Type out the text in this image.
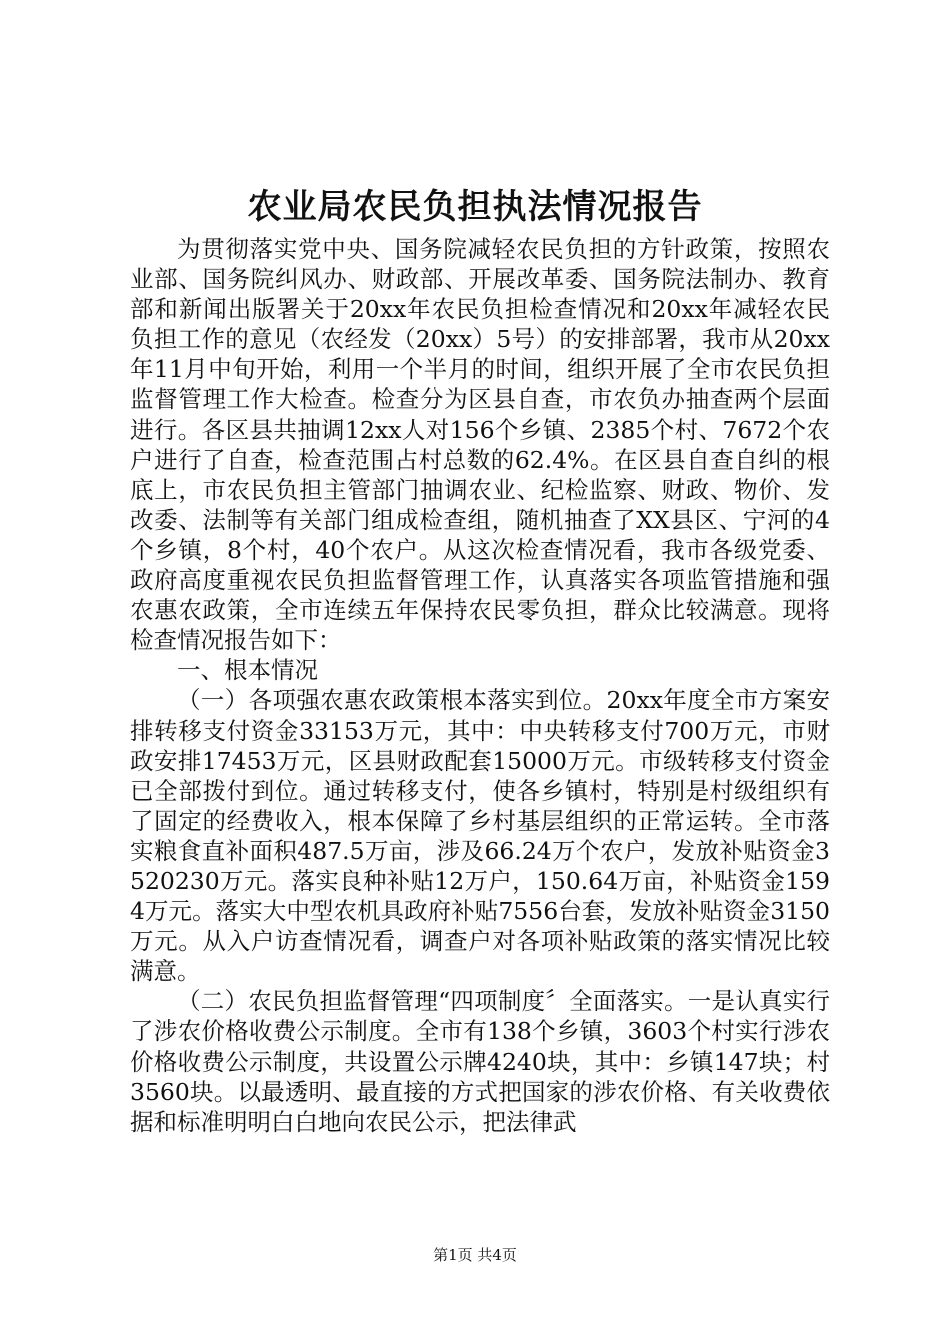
农业局农民负担执法情况报告

为贯彻落实党中央、国务院减轻农民负担的方针政策，按照农业部、国务院纠风办、财政部、开展改革委、国务院法制办、教育部和新闻出版署关于20xx年农民负担检查情况和20xx年减轻农民负担工作的意见（农经发（20xx）5号）的安排部署，我市从20xx年11月中旬开始，利用一个半月的时间，组织开展了全市农民负担监督管理工作大检查。检查分为区县自查，市农负办抽查两个层面进行。各区县共抽调12xx人对156个乡镇、2385个村、7672个农户进行了自查，检查范围占村总数的62.4%。在区县自查自纠的根底上，市农民负担主管部门抽调农业、纪检监察、财政、物价、发改委、法制等有关部门组成检查组，随机抽查了XX县区、宁河的4个乡镇，8个村，40个农户。从这次检查情况看，我市各级党委、政府高度重视农民负担监督管理工作，认真落实各项监管措施和强农惠农政策，全市连续五年保持农民零负担，群众比较满意。现将检查情况报告如下：

一、根本情况

（一）各项强农惠农政策根本落实到位。20xx年度全市方案安排转移支付资金33153万元，其中：中央转移支付700万元，市财政安排17453万元，区县财政配套15000万元。市级转移支付资金已全部拨付到位。通过转移支付，使各乡镇村，特别是村级组织有了固定的经费收入，根本保障了乡村基层组织的正常运转。全市落实粮食直补面积487.5万亩，涉及66.24万个农户，发放补贴资金3520230万元。落实良种补贴12万户，150.64万亩，补贴资金1594万元。落实大中型农机具政府补贴7556台套，发放补贴资金3150万元。从入户访查情况看，调查户对各项补贴政策的落实情况比较满意。

（二）农民负担监督管理“四项制度〞全面落实。一是认真实行了涉农价格收费公示制度。全市有138个乡镇，3603个村实行涉农价格收费公示制度，共设置公示牌4240块，其中：乡镇147块；村3560块。以最透明、最直接的方式把国家的涉农价格、有关收费依据和标准明明白白地向农民公示，把法律武

第1页 共4页
